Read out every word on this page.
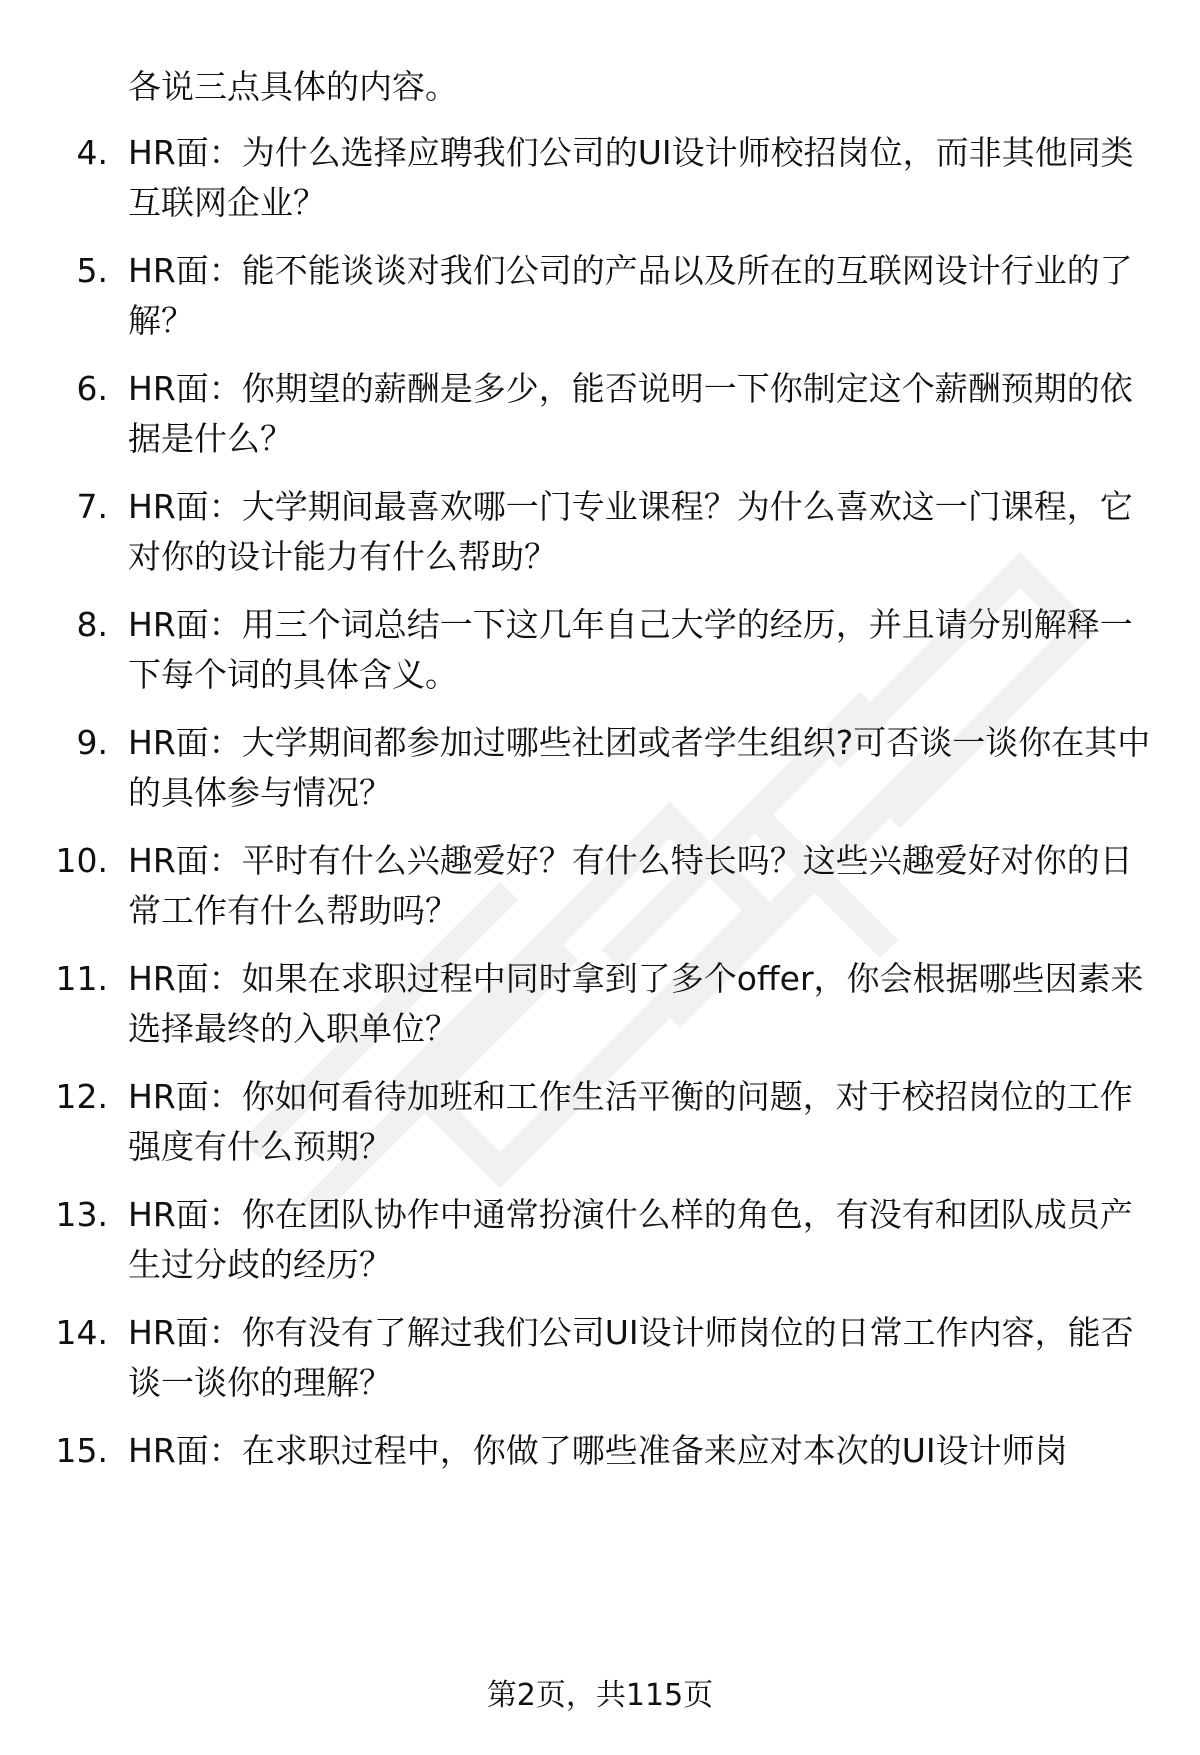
各说三点具体的内容。

4. HR面：为什么选择应聘我们公司的UI设计师校招岗位，而非其他同类互联网企业？

5. HR面：能不能谈谈对我们公司的产品以及所在的互联网设计行业的了解？

6. HR面：你期望的薪酬是多少，能否说明一下你制定这个薪酬预期的依据是什么？

7. HR面：大学期间最喜欢哪一门专业课程？为什么喜欢这一门课程，它对你的设计能力有什么帮助？

8. HR面：用三个词总结一下这几年自己大学的经历，并且请分别解释一下每个词的具体含义。

9. HR面：大学期间都参加过哪些社团或者学生组织?可否谈一谈你在其中的具体参与情况？

10. HR面：平时有什么兴趣爱好？有什么特长吗？这些兴趣爱好对你的日常工作有什么帮助吗？

11. HR面：如果在求职过程中同时拿到了多个offer，你会根据哪些因素来选择最终的入职单位？

12. HR面：你如何看待加班和工作生活平衡的问题，对于校招岗位的工作强度有什么预期？

13. HR面：你在团队协作中通常扮演什么样的角色，有没有和团队成员产生过分歧的经历？

14. HR面：你有没有了解过我们公司UI设计师岗位的日常工作内容，能否谈一谈你的理解？

15. HR面：在求职过程中，你做了哪些准备来应对本次的UI设计师岗

第2页，共115页
